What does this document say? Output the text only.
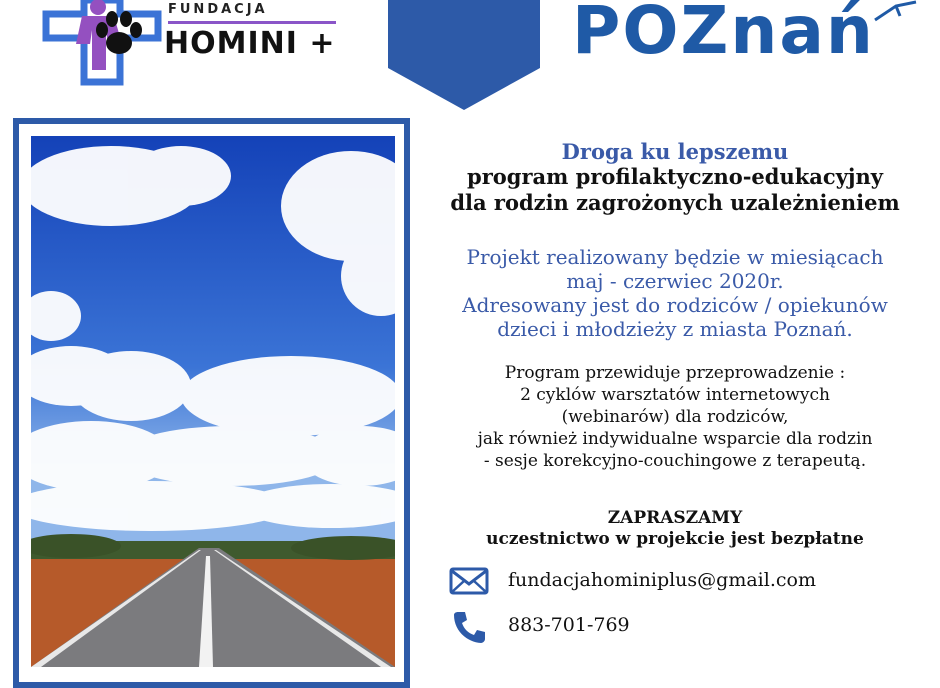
FUNDACJA
HOMINI +	POZnań
Droga ku lepszemu
program profilaktyczno-edukacyjny
dla rodzin zagrożonych uzależnieniem
Projekt realizowany będzie w miesiącach
maj - czerwiec 2020r.
Adresowany jest do rodziców / opiekunów
dzieci i młodzieży z miasta Poznań.
Program przewiduje przeprowadzenie :
2 cyklów warsztatów internetowych
(webinarów) dla rodziców,
jak również indywidualne wsparcie dla rodzin
- sesje korekcyjno-couchingowe z terapeutą.
ZAPRASZAMY
uczestnictwo w projekcie jest bezpłatne
fundacjahominiplus@gmail.com
883-701-769
